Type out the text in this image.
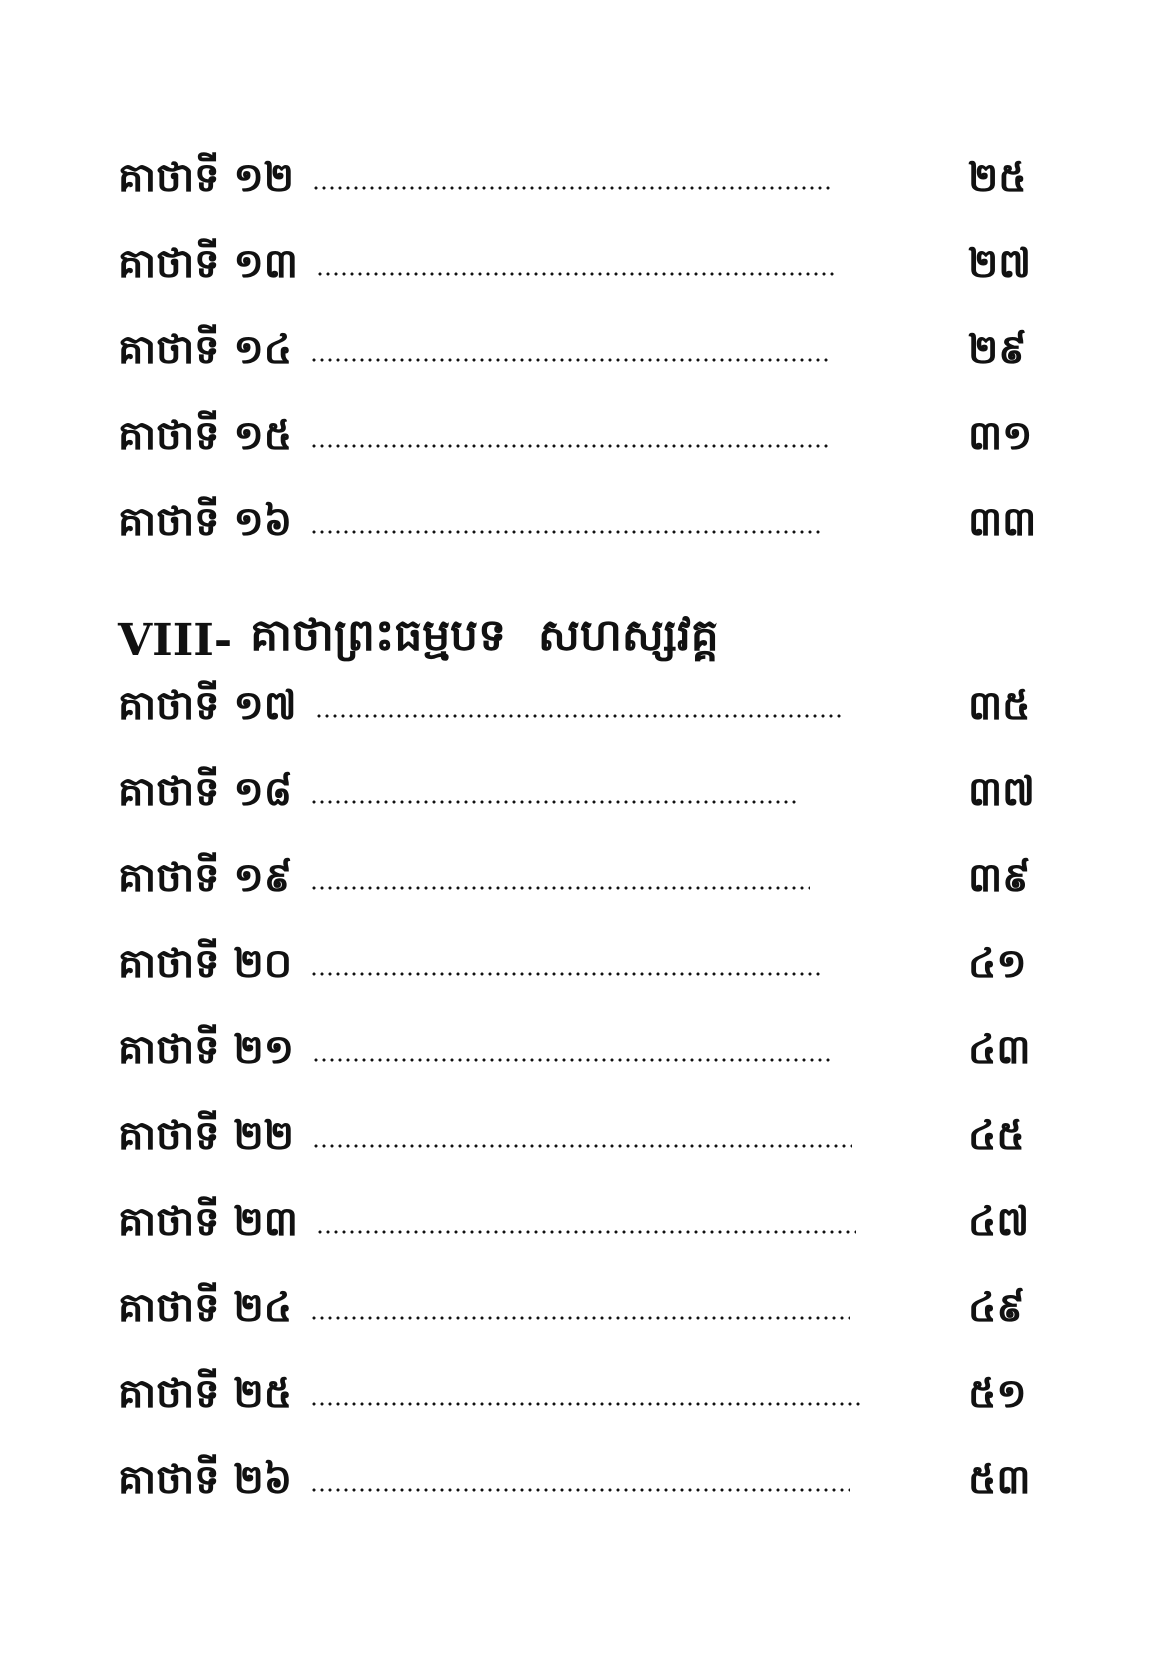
គាថាទី ១២	២៥
គាថាទី ១៣	២៧
គាថាទី ១៤	២៩
គាថាទី ១៥	៣១
គាថាទី ១៦	៣៣
VIII- គាថាព្រះធម្មបទ សហស្សវគ្គ
គាថាទី ១៧	៣៥
គាថាទី ១៨	៣៧
គាថាទី ១៩	៣៩
គាថាទី ២០	៤១
គាថាទី ២១	៤៣
គាថាទី ២២	៤៥
គាថាទី ២៣	៤៧
គាថាទី ២៤	៤៩
គាថាទី ២៥	៥១
គាថាទី ២៦	៥៣
